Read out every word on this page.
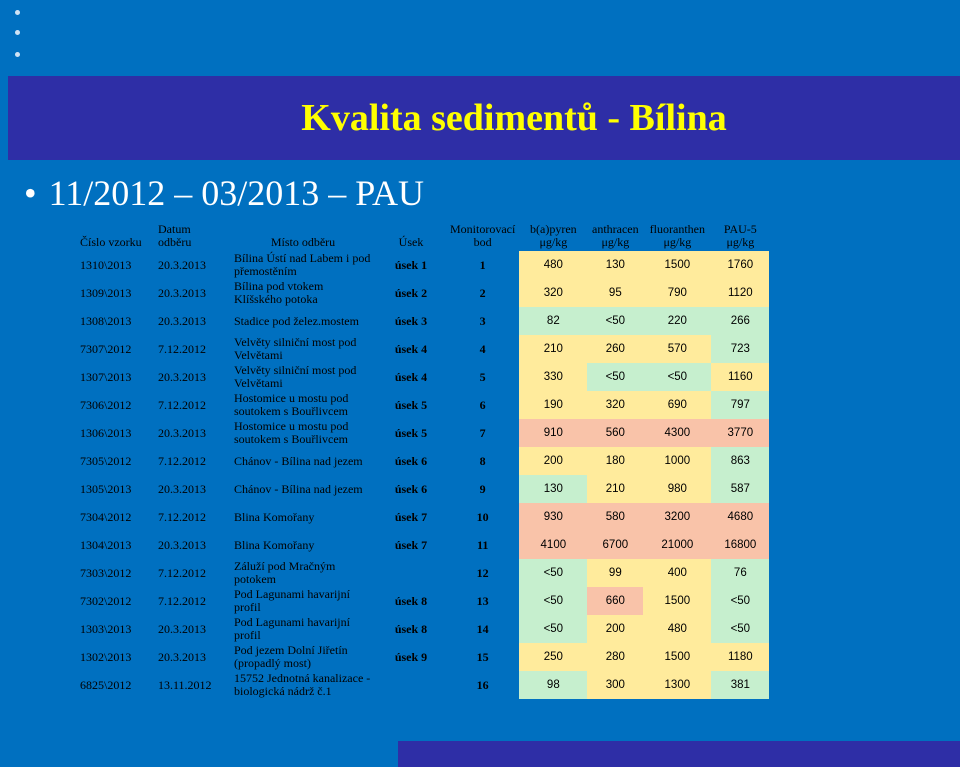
Kvalita sedimentů - Bílina
• 11/2012 – 03/2013 – PAU
Číslo vzorku	Datum odběru	Místo odběru	Úsek	Monitorovací bod	b(a)pyren μg/kg	anthracen μg/kg	fluoranthen μg/kg	PAU-5 μg/kg
1310\2013	20.3.2013	Bílina Ústí nad Labem i pod přemostěním	úsek 1	1	480	130	1500	1760
1309\2013	20.3.2013	Bílina pod vtokem Klíšského potoka	úsek 2	2	320	95	790	1120
1308\2013	20.3.2013	Stadice pod želez.mostem	úsek 3	3	82	<50	220	266
7307\2012	7.12.2012	Velvěty silniční most pod Velvětami	úsek 4	4	210	260	570	723
1307\2013	20.3.2013	Velvěty silniční most pod Velvětami	úsek 4	5	330	<50	<50	1160
7306\2012	7.12.2012	Hostomice u mostu pod soutokem s Bouřlivcem	úsek 5	6	190	320	690	797
1306\2013	20.3.2013	Hostomice u mostu pod soutokem s Bouřlivcem	úsek 5	7	910	560	4300	3770
7305\2012	7.12.2012	Chánov - Bílina nad jezem	úsek 6	8	200	180	1000	863
1305\2013	20.3.2013	Chánov - Bílina nad jezem	úsek 6	9	130	210	980	587
7304\2012	7.12.2012	Blina Komořany	úsek 7	10	930	580	3200	4680
1304\2013	20.3.2013	Blina Komořany	úsek 7	11	4100	6700	21000	16800
7303\2012	7.12.2012	Záluží pod Mračným potokem		12	<50	99	400	76
7302\2012	7.12.2012	Pod Lagunami havarijní profil	úsek 8	13	<50	660	1500	<50
1303\2013	20.3.2013	Pod Lagunami havarijní profil	úsek 8	14	<50	200	480	<50
1302\2013	20.3.2013	Pod jezem Dolní Jiřetín (propadlý most)	úsek 9	15	250	280	1500	1180
6825\2012	13.11.2012	15752 Jednotná kanalizace - biologická nádrž č.1		16	98	300	1300	381
